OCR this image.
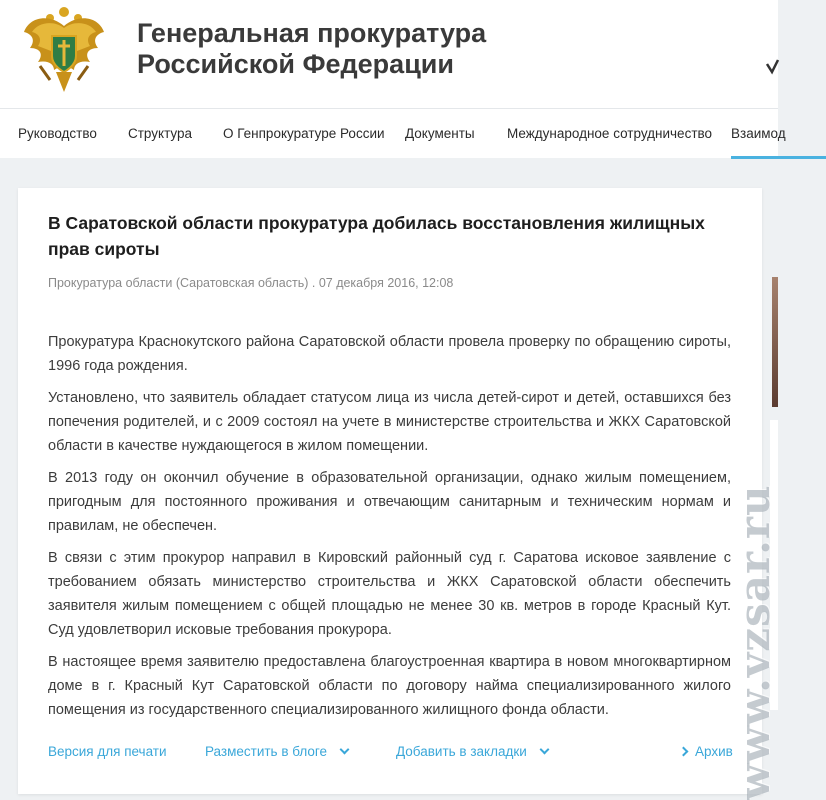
Генеральная прокуратура
Российской Федерации
Руководство Структура О Генпрокуратуре России Документы Международное сотрудничество Взаимод
В Саратовской области прокуратура добилась восстановления жилищных прав сироты
Прокуратура области (Саратовская область) . 07 декабря 2016, 12:08

Прокуратура Краснокутского района Саратовской области провела проверку по обращению сироты, 1996 года рождения.

Установлено, что заявитель обладает статусом лица из числа детей-сирот и детей, оставшихся без попечения родителей, и с 2009 состоял на учете в министерстве строительства и ЖКХ Саратовской области в качестве нуждающегося в жилом помещении.

В 2013 году он окончил обучение в образовательной организации, однако жилым помещением, пригодным для постоянного проживания и отвечающим санитарным и техническим нормам и правилам, не обеспечен.

В связи с этим прокурор направил в Кировский районный суд г. Саратова исковое заявление с требованием обязать министерство строительства и ЖКХ Саратовской области обеспечить заявителя жилым помещением с общей площадью не менее 30 кв. метров в городе Красный Кут. Суд удовлетворил исковые требования прокурора.

В настоящее время заявителю предоставлена благоустроенная квартира в новом многоквартирном доме в г. Красный Кут Саратовской области по договору найма специализированного жилого помещения из государственного специализированного жилищного фонда области.

Версия для печати	Разместить в блоге	Добавить в закладки	Архив
www.vzsar.ru
